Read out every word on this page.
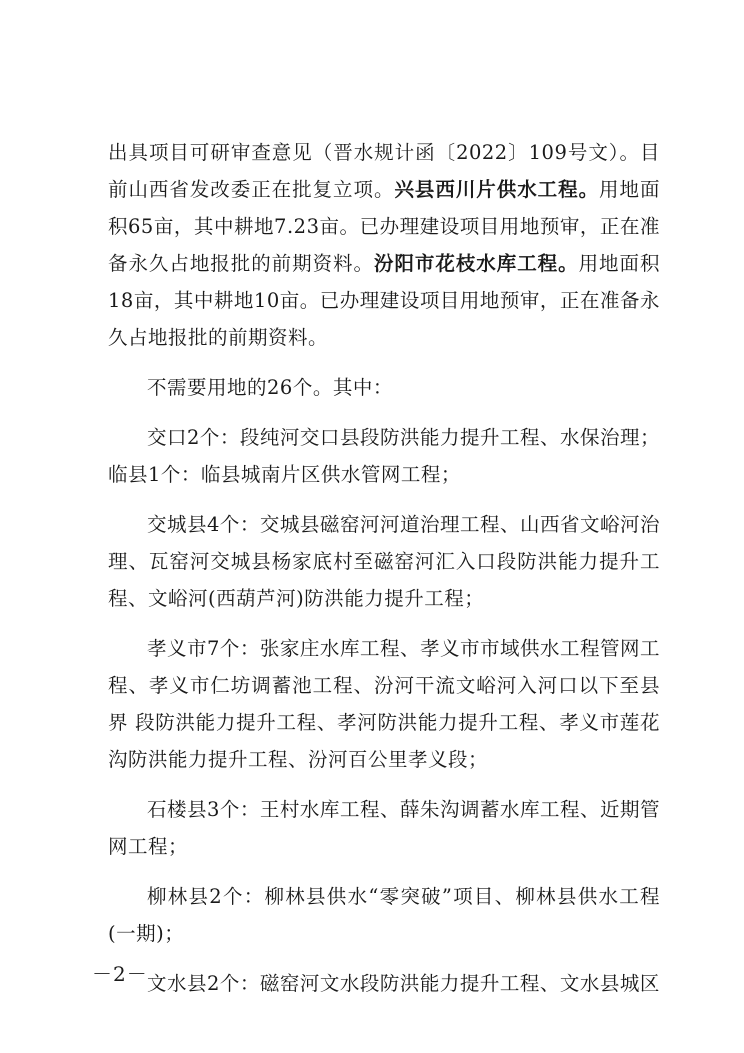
出具项目可研审查意见（晋水规计函〔2022〕109号文）。目前山西省发改委正在批复立项。兴县西川片供水工程。用地面积65亩，其中耕地7.23亩。已办理建设项目用地预审，正在准备永久占地报批的前期资料。汾阳市花枝水库工程。用地面积18亩，其中耕地10亩。已办理建设项目用地预审，正在准备永久占地报批的前期资料。

不需要用地的26个。其中：

交口2个：段纯河交口县段防洪能力提升工程、水保治理；临县1个：临县城南片区供水管网工程；

交城县4个：交城县磁窑河河道治理工程、山西省文峪河治理、瓦窑河交城县杨家底村至磁窑河汇入口段防洪能力提升工程、文峪河(西葫芦河)防洪能力提升工程；

孝义市7个：张家庄水库工程、孝义市市域供水工程管网工程、孝义市仁坊调蓄池工程、汾河干流文峪河入河口以下至县界 段防洪能力提升工程、孝河防洪能力提升工程、孝义市莲花沟防洪能力提升工程、汾河百公里孝义段；

石楼县3个：王村水库工程、薛朱沟调蓄水库工程、近期管网工程；

柳林县2个：柳林县供水“零突破”项目、柳林县供水工程(一期)；

文水县2个：磁窑河文水段防洪能力提升工程、文水县城区

－2－
